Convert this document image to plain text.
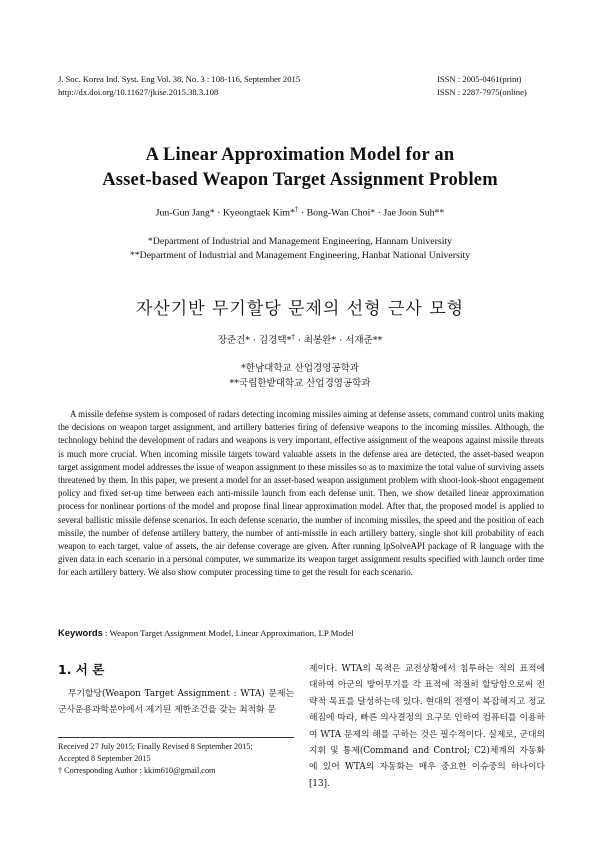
J. Soc. Korea Ind. Syst. Eng Vol. 38, No. 3 : 108-116, September 2015
http://dx.doi.org/10.11627/jkise.2015.38.3.108
ISSN : 2005-0461(print)
ISSN : 2287-7975(online)
A Linear Approximation Model for an
Asset-based Weapon Target Assignment Problem
Jun-Gun Jang* · Kyeongtaek Kim*† · Bong-Wan Choi* · Jae Joon Suh**
*Department of Industrial and Management Engineering, Hannam University
**Department of Industrial and Management Engineering, Hanbat National University
자산기반 무기할당 문제의 선형 근사 모형
장준건* · 김경택*† · 최봉완* · 서재준**
*한남대학교 산업경영공학과
**국립한밭대학교 산업경영공학과

A missile defense system is composed of radars detecting incoming missiles aiming at defense assets, command control units making the decisions on weapon target assignment, and artillery batteries firing of defensive weapons to the incoming missiles. Although, the technology behind the development of radars and weapons is very important, effective assignment of the weapons against missile threats is much more crucial. When incoming missile targets toward valuable assets in the defense area are detected, the asset-based weapon target assignment model addresses the issue of weapon assignment to these missiles so as to maximize the total value of surviving assets threatened by them. In this paper, we present a model for an asset-based weapon assignment problem with shoot-look-shoot engagement policy and fixed set-up time between each anti-missile launch from each defense unit. Then, we show detailed linear approximation process for nonlinear portions of the model and propose final linear approximation model. After that, the proposed model is applied to several ballistic missile defense scenarios. In each defense scenario, the number of incoming missiles, the speed and the position of each missile, the number of defense artillery battery, the number of anti-missile in each artillery battery, single shot kill probability of each weapon to each target, value of assets, the air defense coverage are given. After running lpSolveAPI package of R language with the given data in each scenario in a personal computer, we summarize its weapon target assignment results specified with launch order time for each artillery battery. We also show computer processing time to get the result for each scenario.

Keywords : Weapon Target Assignment Model, Linear Approximation, LP Model
1. 서 론

무기할당(Weapon Target Assignment : WTA) 문제는 군사운용과학분야에서 제기된 제한조건을 갖는 최적화 문

Received 27 July 2015; Finally Revised 8 September 2015;
Accepted 8 September 2015
† Corresponding Author : kkim610@gmail.com

제이다. WTA의 목적은 교전상황에서 침투하는 적의 표적에 대하여 아군의 방어무기를 각 표적에 적절히 할당함으로써 전략적 목표를 달성하는데 있다. 현대의 전쟁이 복잡해지고 정교해짐에 따라, 빠른 의사결정의 요구로 인하여 컴퓨터를 이용하여 WTA 문제의 해를 구하는 것은 필수적이다. 실제로, 군대의 지휘 및 통제(Command and Control; C2)체계의 자동화에 있어 WTA의 자동화는 매우 중요한 이슈중의 하나이다[13].
